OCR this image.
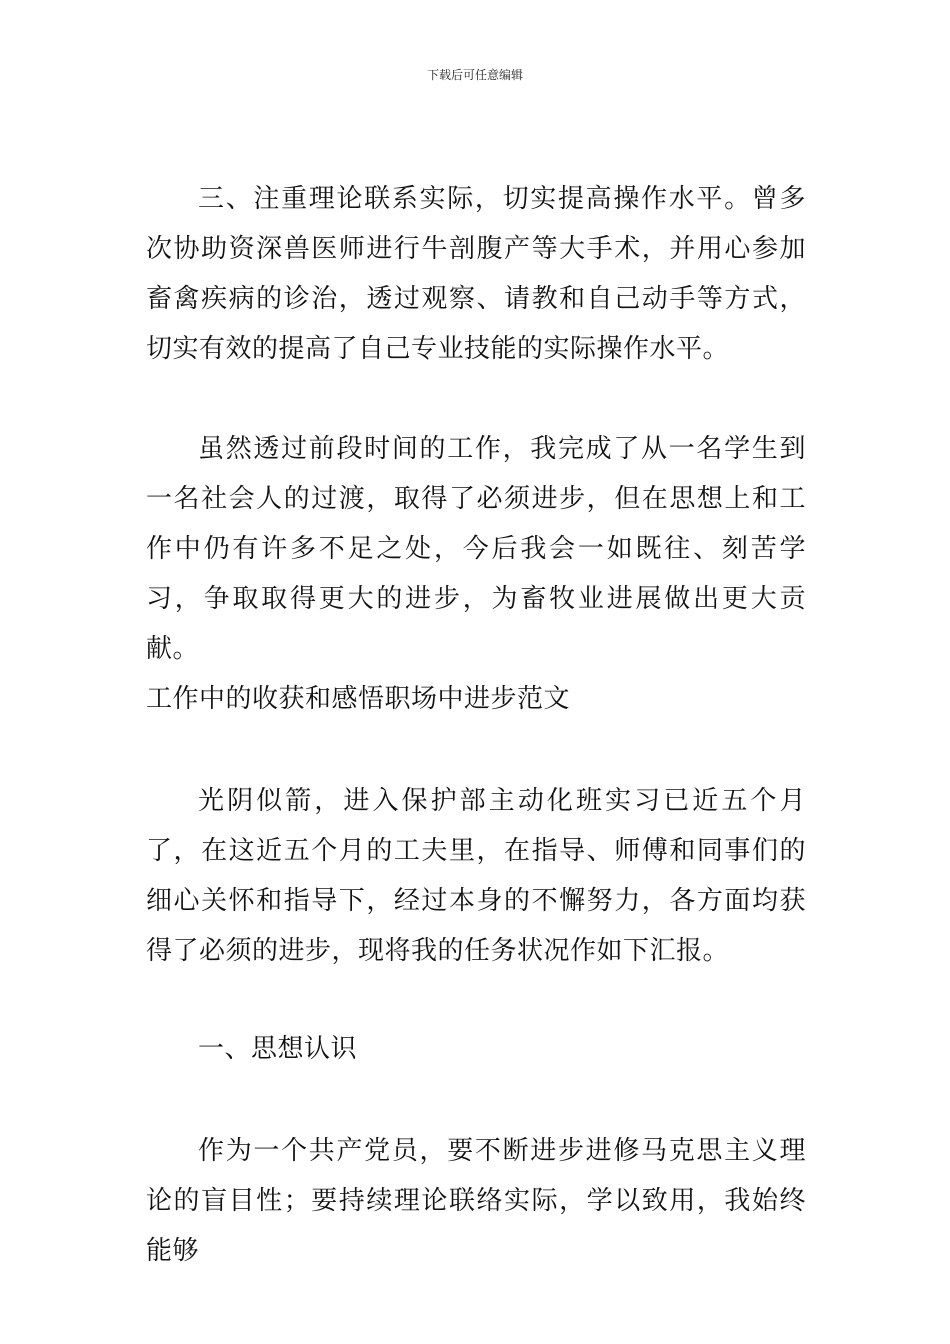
下载后可任意编辑

三、注重理论联系实际，切实提高操作水平。曾多次协助资深兽医师进行牛剖腹产等大手术，并用心参加畜禽疾病的诊治，透过观察、请教和自己动手等方式，切实有效的提高了自己专业技能的实际操作水平。

虽然透过前段时间的工作，我完成了从一名学生到一名社会人的过渡，取得了必须进步，但在思想上和工作中仍有许多不足之处，今后我会一如既往、刻苦学习，争取取得更大的进步，为畜牧业进展做出更大贡献。

工作中的收获和感悟职场中进步范文

光阴似箭，进入保护部主动化班实习已近五个月了，在这近五个月的工夫里，在指导、师傅和同事们的细心关怀和指导下，经过本身的不懈努力，各方面均获得了必须的进步，现将我的任务状况作如下汇报。

一、思想认识

作为一个共产党员，要不断进步进修马克思主义理论的盲目性；要持续理论联络实际，学以致用，我始终能够
